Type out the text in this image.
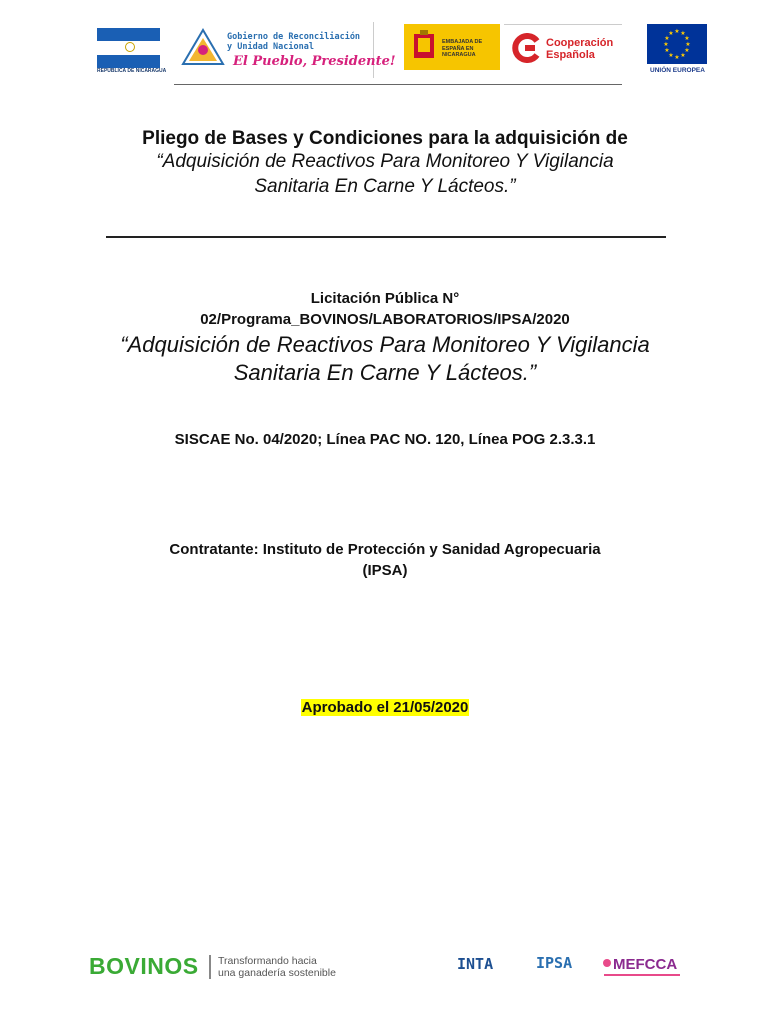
REPÚBLICA DE NICARAGUA
Gobierno de Reconciliación
y Unidad Nacional
El Pueblo, Presidente!
EMBAJADA DE ESPAÑA EN NICARAGUA
Cooperación
Española
★ ★
★
★
★
★
★
★
★
★
★
★
UNIÓN EUROPEA
Pliego de Bases y Condiciones para la adquisición de
“Adquisición de Reactivos Para Monitoreo Y Vigilancia
Sanitaria En Carne Y Lácteos.”
Licitación Pública N°
02/Programa_BOVINOS/LABORATORIOS/IPSA/2020
“Adquisición de Reactivos Para Monitoreo Y Vigilancia
Sanitaria En Carne Y Lácteos.”
SISCAE No. 04/2020; Línea PAC NO. 120, Línea POG 2.3.3.1
Contratante: Instituto de Protección y Sanidad Agropecuaria
(IPSA)
Aprobado el 21/05/2020
BOVINOS Transformando hacia
una ganadería sostenible	INTA	IPSA	MEFCCA
